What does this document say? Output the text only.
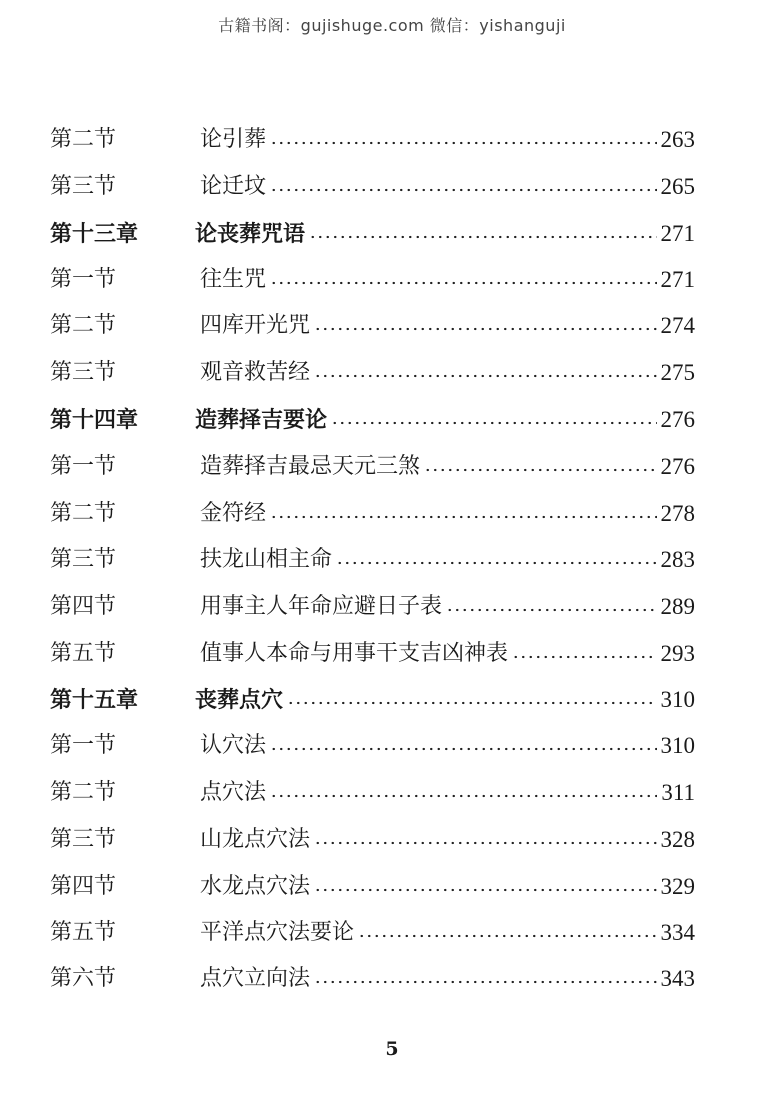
古籍书阁：gujishuge.com 微信：yishanguji
第二节	论引葬	263
第三节	论迁坟	265
第十三章	论丧葬咒语	271
第一节	往生咒	271
第二节	四库开光咒	274
第三节	观音救苦经	275
第十四章	造葬择吉要论	276
第一节	造葬择吉最忌天元三煞	276
第二节	金符经	278
第三节	扶龙山相主命	283
第四节	用事主人年命应避日子表	289
第五节	值事人本命与用事干支吉凶神表	293
第十五章	丧葬点穴	310
第一节	认穴法	310
第二节	点穴法	311
第三节	山龙点穴法	328
第四节	水龙点穴法	329
第五节	平洋点穴法要论	334
第六节	点穴立向法	343
5
